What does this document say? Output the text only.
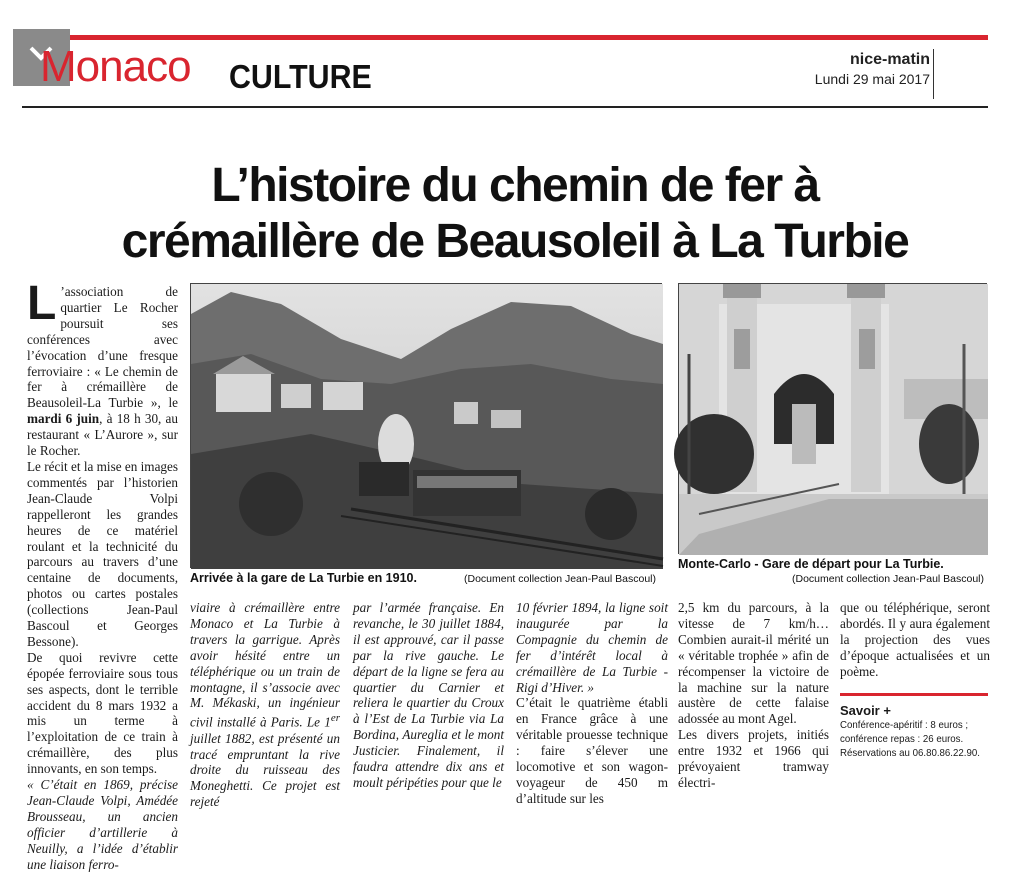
Monaco CULTURE	nice-matin
Lundi 29 mai 2017
L’histoire du chemin de fer à
crémaillère de Beausoleil à La Turbie

L ’association de quartier Le Rocher poursuit ses conférences avec l’évocation d’une fresque ferroviaire : « Le chemin de fer à crémaillère de Beausoleil-La Turbie », le mardi 6 juin, à 18 h 30, au restaurant « L’Aurore », sur le Rocher.

Le récit et la mise en images commentés par l’historien Jean-Claude Volpi rappelleront les grandes heures de ce matériel roulant et la technicité du parcours au travers d’une centaine de documents, photos ou cartes postales (collections Jean-Paul Bascoul et Georges Bessone).

De quoi revivre cette épopée ferroviaire sous tous ses aspects, dont le terrible accident du 8 mars 1932 a mis un terme à l’exploitation de ce train à crémaillère, des plus innovants, en son temps.

« C’était en 1869, précise Jean-Claude Volpi, Amédée Brousseau, un ancien officier d’artillerie à Neuilly, a l’idée d’établir une liaison ferro-

Arrivée à la gare de La Turbie en 1910.	(Document collection Jean-Paul Bascoul)
Monte-Carlo - Gare de départ pour La Turbie.
(Document collection Jean-Paul Bascoul)
viaire à crémaillère entre Monaco et La Turbie à travers la garrigue. Après avoir hésité entre un téléphérique ou un train de montagne, il s’associe avec M. Mékaski, un ingénieur civil installé à Paris. Le 1er juillet 1882, est présenté un tracé empruntant la rive droite du ruisseau des Moneghetti. Ce projet est rejeté
par l’armée française. En revanche, le 30 juillet 1884, il est approuvé, car il passe par la rive gauche. Le départ de la ligne se fera au quartier du Carnier et reliera le quartier du Croux à l’Est de La Turbie via La Bordina, Aureglia et le mont Justicier. Finalement, il faudra attendre dix ans et moult péripéties pour que le

10 février 1894, la ligne soit inaugurée par la Compagnie du chemin de fer d’intérêt local à crémaillère de La Turbie - Rigi d’Hiver. »

C’était le quatrième établi en France grâce à une véritable prouesse technique : faire s’élever une locomotive et son wagon-voyageur de 450 m d’altitude sur les

2,5 km du parcours, à la vitesse de 7 km/h… Combien aurait-il mérité un « véritable trophée » afin de récompenser la victoire de la machine sur la nature austère de cette falaise adossée au mont Agel.

Les divers projets, initiés entre 1932 et 1966 qui prévoyaient tramway électri-

que ou téléphérique, seront abordés. Il y aura également la projection des vues d’époque actualisées et un poème.
Savoir +
Conférence-apéritif : 8 euros ; conférence repas : 26 euros.
Réservations au 06.80.86.22.90.
